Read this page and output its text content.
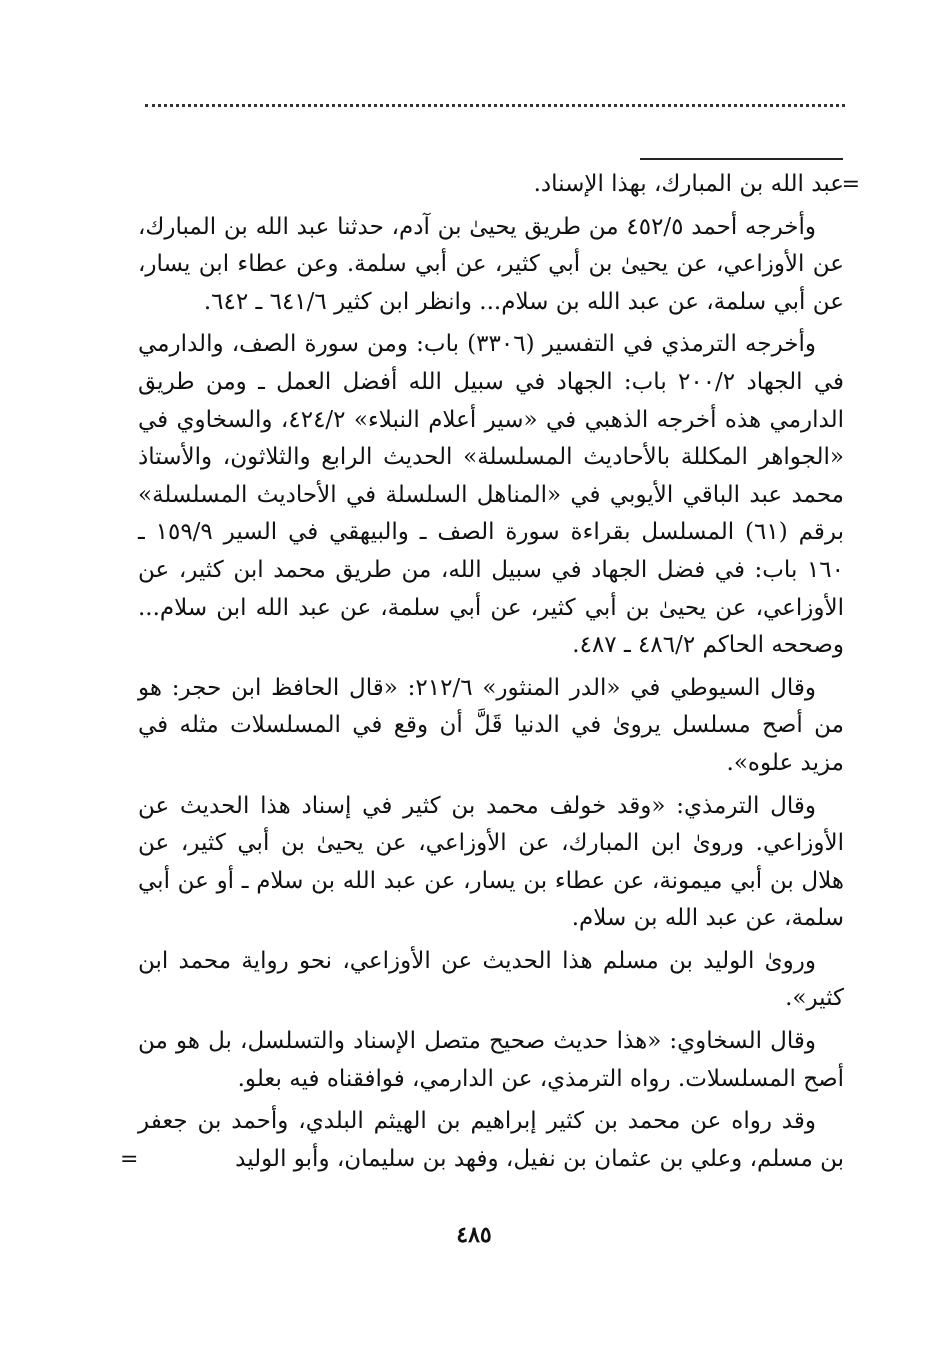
=
عبد الله بن المبارك، بهذا الإسناد.

وأخرجه أحمد ٤٥٢/٥ من طريق يحيىٰ بن آدم، حدثنا عبد الله بن المبارك، عن الأوزاعي، عن يحيىٰ بن أبي كثير، عن أبي سلمة. وعن عطاء ابن يسار، عن أبي سلمة، عن عبد الله بن سلام... وانظر ابن كثير ٦٤١/٦ ـ ٦٤٢.

وأخرجه الترمذي في التفسير (٣٣٠٦) باب: ومن سورة الصف، والدارمي في الجهاد ٢٠٠/٢ باب: الجهاد في سبيل الله أفضل العمل ـ ومن طريق الدارمي هذه أخرجه الذهبي في «سير أعلام النبلاء» ٤٢٤/٢، والسخاوي في «الجواهر المكللة بالأحاديث المسلسلة» الحديث الرابع والثلاثون، والأستاذ محمد عبد الباقي الأيوبي في «المناهل السلسلة في الأحاديث المسلسلة» برقم (٦١) المسلسل بقراءة سورة الصف ـ والبيهقي في السير ١٥٩/٩ ـ ١٦٠ باب: في فضل الجهاد في سبيل الله، من طريق محمد ابن كثير، عن الأوزاعي، عن يحيىٰ بن أبي كثير، عن أبي سلمة، عن عبد الله ابن سلام... وصححه الحاكم ٤٨٦/٢ ـ ٤٨٧.

وقال السيوطي في «الدر المنثور» ٢١٢/٦: «قال الحافظ ابن حجر: هو من أصح مسلسل يروىٰ في الدنيا قَلَّ أن وقع في المسلسلات مثله في مزيد علوه».

وقال الترمذي: «وقد خولف محمد بن كثير في إسناد هذا الحديث عن الأوزاعي. وروىٰ ابن المبارك، عن الأوزاعي، عن يحيىٰ بن أبي كثير، عن هلال بن أبي ميمونة، عن عطاء بن يسار، عن عبد الله بن سلام ـ أو عن أبي سلمة، عن عبد الله بن سلام.

وروىٰ الوليد بن مسلم هذا الحديث عن الأوزاعي، نحو رواية محمد ابن كثير».

وقال السخاوي: «هذا حديث صحيح متصل الإسناد والتسلسل، بل هو من أصح المسلسلات. رواه الترمذي، عن الدارمي، فوافقناه فيه بعلو.

وقد رواه عن محمد بن كثير إبراهيم بن الهيثم البلدي، وأحمد بن جعفر بن مسلم، وعلي بن عثمان بن نفيل، وفهد بن سليمان، وأبو الوليد
=

٤٨٥
